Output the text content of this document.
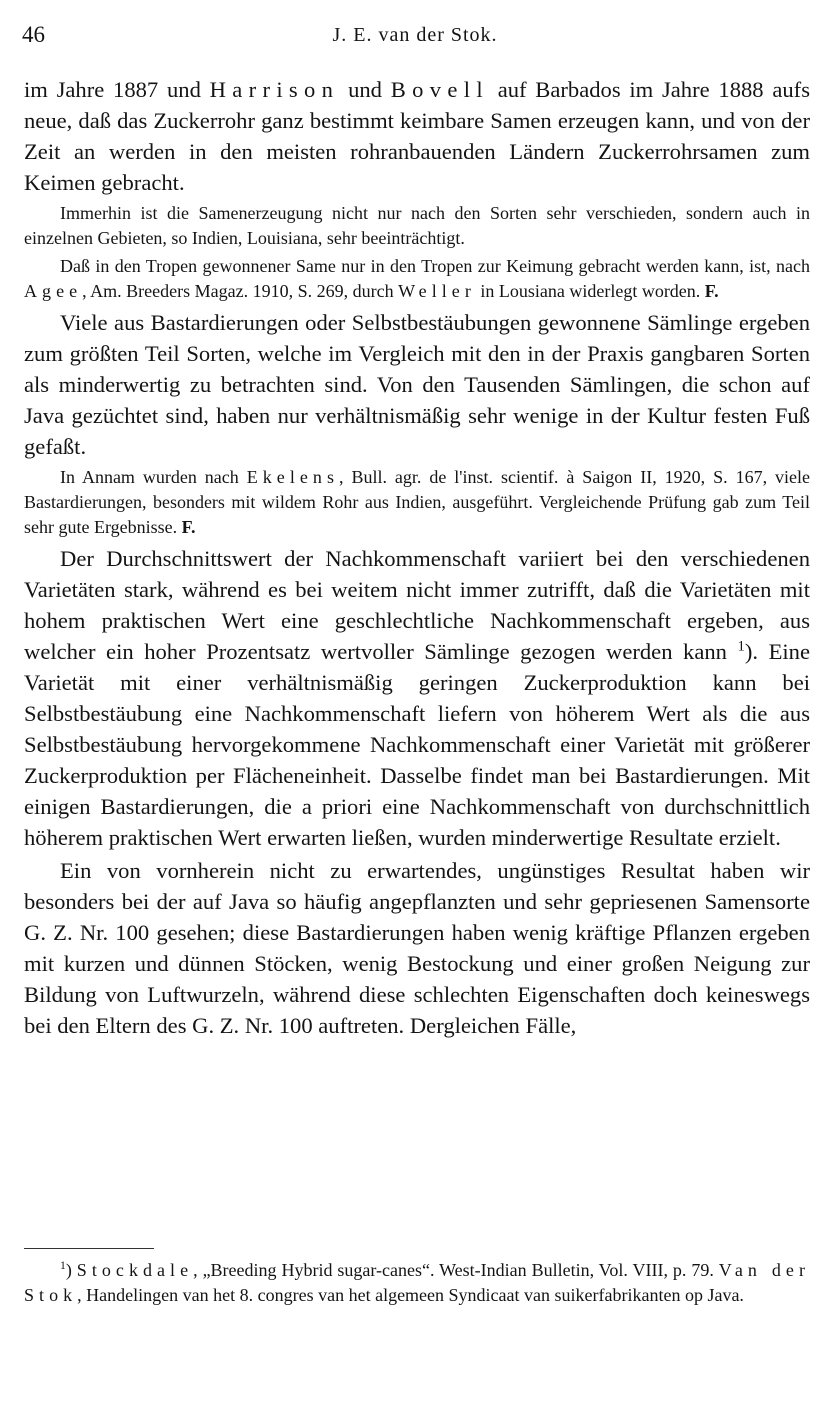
46	J. E. van der Stok.

im Jahre 1887 und Harrison und Bovell auf Barbados im Jahre 1888 aufs neue, daß das Zuckerrohr ganz bestimmt keimbare Samen erzeugen kann, und von der Zeit an werden in den meisten rohranbauenden Ländern Zuckerrohrsamen zum Keimen gebracht.

Immerhin ist die Samenerzeugung nicht nur nach den Sorten sehr verschieden, sondern auch in einzelnen Gebieten, so Indien, Louisiana, sehr beeinträchtigt.

Daß in den Tropen gewonnener Same nur in den Tropen zur Keimung gebracht werden kann, ist, nach Agee, Am. Breeders Magaz. 1910, S. 269, durch Weller in Lousiana widerlegt worden. F.

Viele aus Bastardierungen oder Selbstbestäubungen gewonnene Sämlinge ergeben zum größten Teil Sorten, welche im Vergleich mit den in der Praxis gangbaren Sorten als minderwertig zu betrachten sind. Von den Tausenden Sämlingen, die schon auf Java gezüchtet sind, haben nur verhältnismäßig sehr wenige in der Kultur festen Fuß gefaßt.

In Annam wurden nach Ekelens, Bull. agr. de l'inst. scientif. à Saigon II, 1920, S. 167, viele Bastardierungen, besonders mit wildem Rohr aus Indien, ausgeführt. Vergleichende Prüfung gab zum Teil sehr gute Ergebnisse. F.

Der Durchschnittswert der Nachkommenschaft variiert bei den verschiedenen Varietäten stark, während es bei weitem nicht immer zutrifft, daß die Varietäten mit hohem praktischen Wert eine geschlechtliche Nachkommenschaft ergeben, aus welcher ein hoher Prozentsatz wertvoller Sämlinge gezogen werden kann $^1$). Eine Varietät mit einer verhältnismäßig geringen Zuckerproduktion kann bei Selbstbestäubung eine Nachkommenschaft liefern von höherem Wert als die aus Selbstbestäubung hervorgekommene Nachkommenschaft einer Varietät mit größerer Zuckerproduktion per Flächeneinheit. Dasselbe findet man bei Bastardierungen. Mit einigen Bastardierungen, die a priori eine Nachkommenschaft von durchschnittlich höherem praktischen Wert erwarten ließen, wurden minderwertige Resultate erzielt.

Ein von vornherein nicht zu erwartendes, ungünstiges Resultat haben wir besonders bei der auf Java so häufig angepflanzten und sehr gepriesenen Samensorte G. Z. Nr. 100 gesehen; diese Bastardierungen haben wenig kräftige Pflanzen ergeben mit kurzen und dünnen Stöcken, wenig Bestockung und einer großen Neigung zur Bildung von Luftwurzeln, während diese schlechten Eigenschaften doch keineswegs bei den Eltern des G. Z. Nr. 100 auftreten. Dergleichen Fälle,

$^1$) Stockdale, „Breeding Hybrid sugar-canes“. West-Indian Bulletin, Vol. VIII, p. 79. Van der Stok, Handelingen van het 8. congres van het algemeen Syndicaat van suikerfabrikanten op Java.
